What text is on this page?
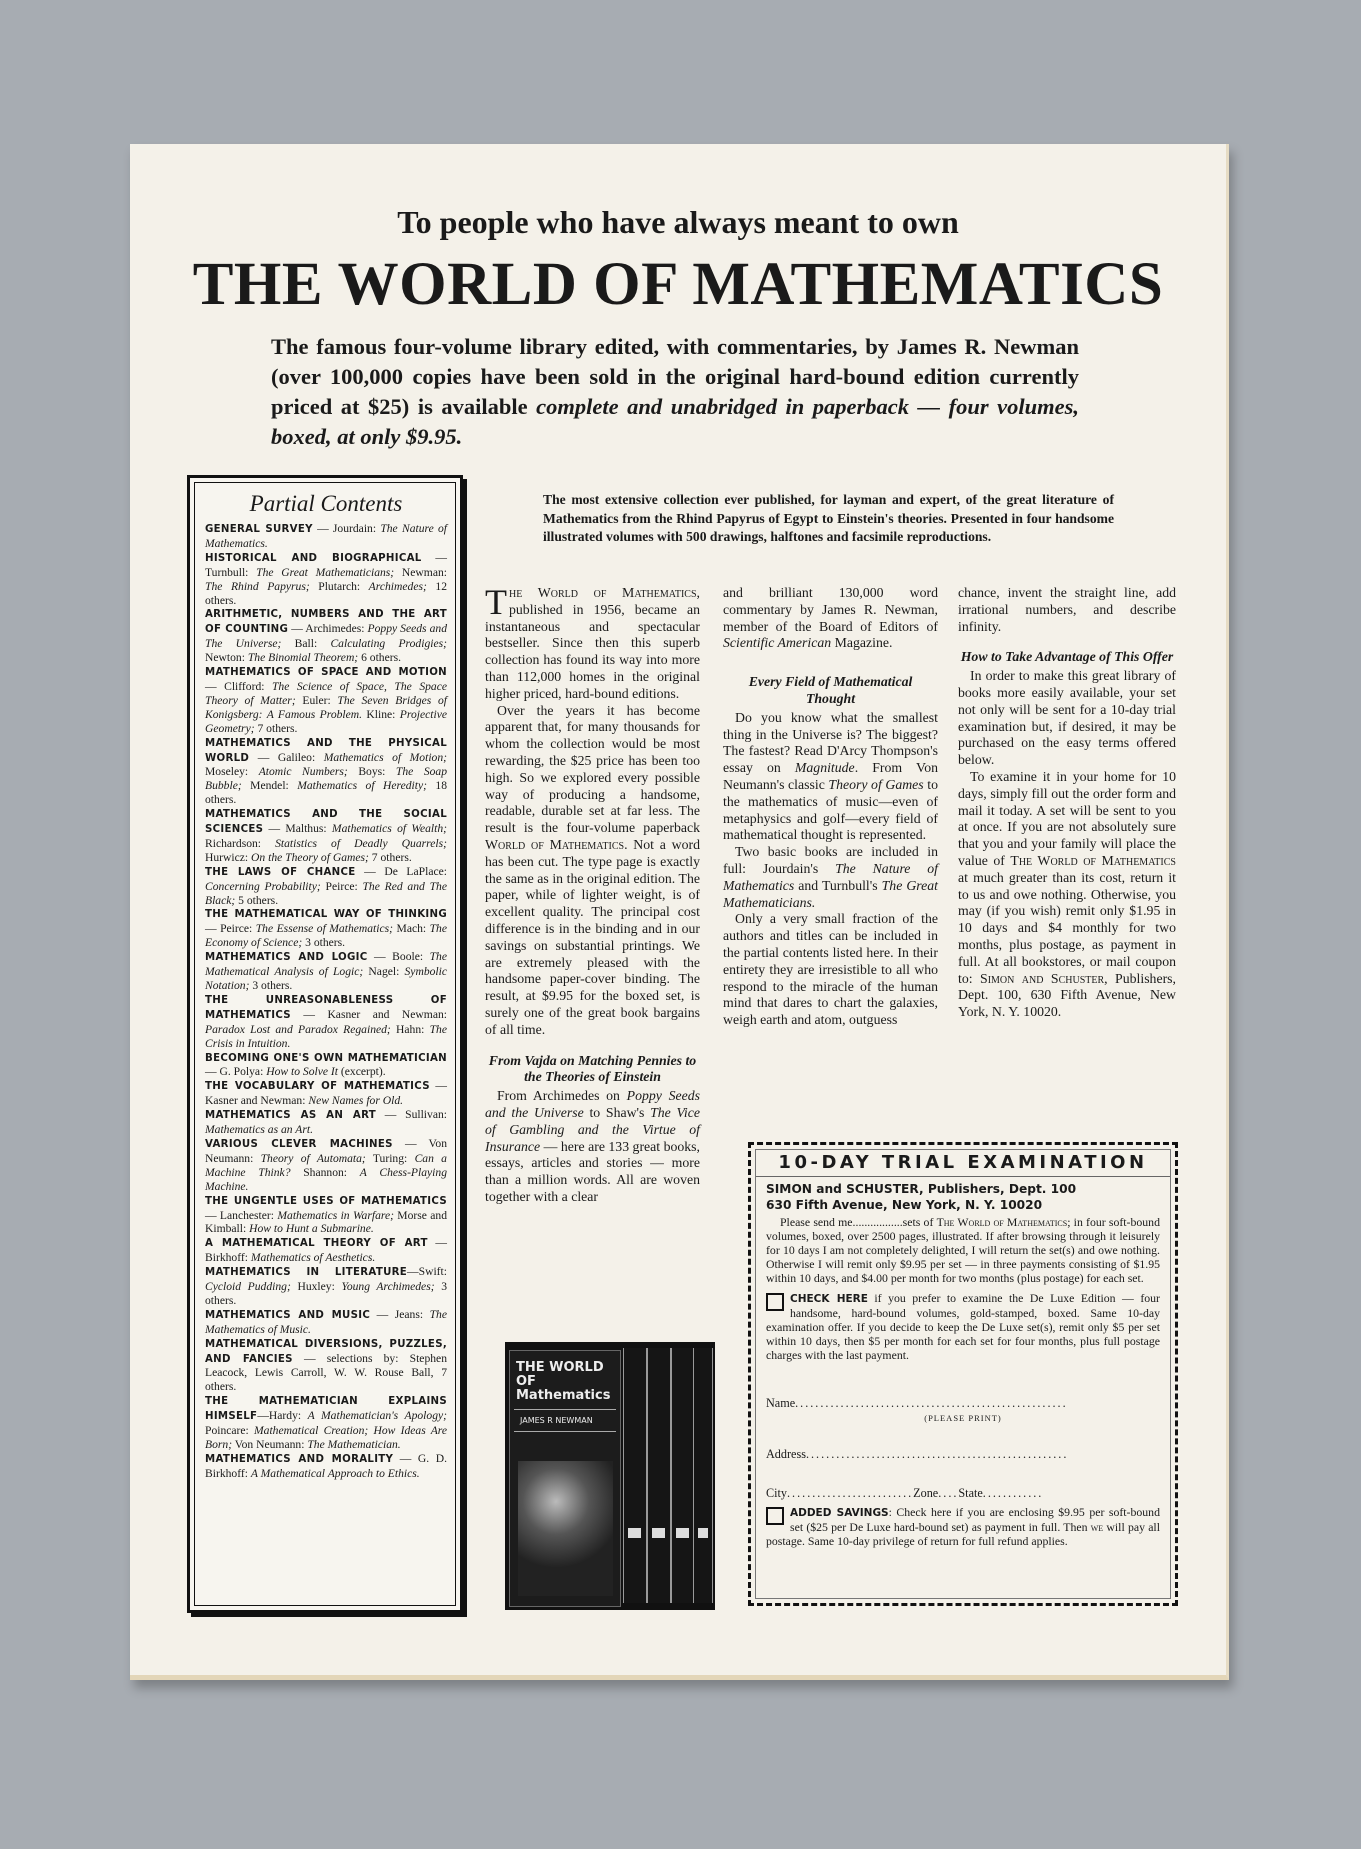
To people who have always meant to own
THE WORLD OF MATHEMATICS
The famous four-volume library edited, with commentaries, by James R. Newman (over 100,000 copies have been sold in the original hard-bound edition currently priced at $25) is available complete and unabridged in paperback — four volumes, boxed, at only $9.95.
Partial Contents

GENERAL SURVEY — Jourdain: The Nature of Mathematics.

HISTORICAL AND BIOGRAPHICAL — Turnbull: The Great Mathematicians; Newman: The Rhind Papyrus; Plutarch: Archimedes; 12 others.

ARITHMETIC, NUMBERS AND THE ART OF COUNTING — Archimedes: Poppy Seeds and The Universe; Ball: Calculating Prodigies; Newton: The Binomial Theorem; 6 others.

MATHEMATICS OF SPACE AND MOTION — Clifford: The Science of Space, The Space Theory of Matter; Euler: The Seven Bridges of Konigsberg: A Famous Problem. Kline: Projective Geometry; 7 others.

MATHEMATICS AND THE PHYSICAL WORLD — Galileo: Mathematics of Motion; Moseley: Atomic Numbers; Boys: The Soap Bubble; Mendel: Mathematics of Heredity; 18 others.

MATHEMATICS AND THE SOCIAL SCIENCES — Malthus: Mathematics of Wealth; Richardson: Statistics of Deadly Quarrels; Hurwicz: On the Theory of Games; 7 others.

THE LAWS OF CHANCE — De LaPlace: Concerning Probability; Peirce: The Red and The Black; 5 others.

THE MATHEMATICAL WAY OF THINKING — Peirce: The Essense of Mathematics; Mach: The Economy of Science; 3 others.

MATHEMATICS AND LOGIC — Boole: The Mathematical Analysis of Logic; Nagel: Symbolic Notation; 3 others.

THE UNREASONABLENESS OF MATHEMATICS — Kasner and Newman: Paradox Lost and Paradox Regained; Hahn: The Crisis in Intuition.

BECOMING ONE'S OWN MATHEMATICIAN — G. Polya: How to Solve It (excerpt).

THE VOCABULARY OF MATHEMATICS —Kasner and Newman: New Names for Old.

MATHEMATICS AS AN ART — Sullivan: Mathematics as an Art.

VARIOUS CLEVER MACHINES — Von Neumann: Theory of Automata; Turing: Can a Machine Think? Shannon: A Chess-Playing Machine.

THE UNGENTLE USES OF MATHEMATICS — Lanchester: Mathematics in Warfare; Morse and Kimball: How to Hunt a Submarine.

A MATHEMATICAL THEORY OF ART — Birkhoff: Mathematics of Aesthetics.

MATHEMATICS IN LITERATURE—Swift: Cycloid Pudding; Huxley: Young Archimedes; 3 others.

MATHEMATICS AND MUSIC — Jeans: The Mathematics of Music.

MATHEMATICAL DIVERSIONS, PUZZLES, AND FANCIES — selections by: Stephen Leacock, Lewis Carroll, W. W. Rouse Ball, 7 others.

THE MATHEMATICIAN EXPLAINS HIMSELF—Hardy: A Mathematician's Apology; Poincare: Mathematical Creation; How Ideas Are Born; Von Neumann: The Mathematician.

MATHEMATICS AND MORALITY — G. D. Birkhoff: A Mathematical Approach to Ethics.

The most extensive collection ever published, for layman and expert, of the great literature of Mathematics from the Rhind Papyrus of Egypt to Einstein's theories. Presented in four handsome illustrated volumes with 500 drawings, halftones and facsimile reproductions.

The World of Mathematics, published in 1956, became an instantaneous and spectacular bestseller. Since then this superb collection has found its way into more than 112,000 homes in the original higher priced, hard-bound editions.

Over the years it has become apparent that, for many thousands for whom the collection would be most rewarding, the $25 price has been too high. So we explored every possible way of producing a handsome, readable, durable set at far less. The result is the four-volume paperback World of Mathematics. Not a word has been cut. The type page is exactly the same as in the original edition. The paper, while of lighter weight, is of excellent quality. The principal cost difference is in the binding and in our savings on substantial printings. We are extremely pleased with the handsome paper-cover binding. The result, at $9.95 for the boxed set, is surely one of the great book bargains of all time.

From Vajda on Matching Pennies to the Theories of Einstein

From Archimedes on Poppy Seeds and the Universe to Shaw's The Vice of Gambling and the Virtue of Insurance — here are 133 great books, essays, articles and stories — more than a million words. All are woven together with a clear

and brilliant 130,000 word commentary by James R. Newman, member of the Board of Editors of Scientific American Magazine.

Every Field of Mathematical Thought

Do you know what the smallest thing in the Universe is? The biggest? The fastest? Read D'Arcy Thompson's essay on Magnitude. From Von Neumann's classic Theory of Games to the mathematics of music—even of metaphysics and golf—every field of mathematical thought is represented.

Two basic books are included in full: Jourdain's The Nature of Mathematics and Turnbull's The Great Mathematicians.

Only a very small fraction of the authors and titles can be included in the partial contents listed here. In their entirety they are irresistible to all who respond to the miracle of the human mind that dares to chart the galaxies, weigh earth and atom, outguess

chance, invent the straight line, add irrational numbers, and describe infinity.

How to Take Advantage of This Offer

In order to make this great library of books more easily available, your set not only will be sent for a 10-day trial examination but, if desired, it may be purchased on the easy terms offered below.

To examine it in your home for 10 days, simply fill out the order form and mail it today. A set will be sent to you at once. If you are not absolutely sure that you and your family will place the value of The World of Mathematics at much greater than its cost, return it to us and owe nothing. Otherwise, you may (if you wish) remit only $1.95 in 10 days and $4 monthly for two months, plus postage, as payment in full. At all bookstores, or mail coupon to: Simon and Schuster, Publishers, Dept. 100, 630 Fifth Avenue, New York, N. Y. 10020.

THE WORLD OF Mathematics
JAMES R NEWMAN
10-DAY TRIAL EXAMINATION
SIMON and SCHUSTER, Publishers, Dept. 100
630 Fifth Avenue, New York, N. Y. 10020

Please send me.................sets of The World of Mathematics; in four soft-bound volumes, boxed, over 2500 pages, illustrated. If after browsing through it leisurely for 10 days I am not completely delighted, I will return the set(s) and owe nothing. Otherwise I will remit only $9.95 per set — in three payments consisting of $1.95 within 10 days, and $4.00 per month for two months (plus postage) for each set.

CHECK HERE if you prefer to examine the De Luxe Edition — four handsome, hard-bound volumes, gold-stamped, boxed. Same 10-day examination offer. If you decide to keep the De Luxe set(s), remit only $5 per set within 10 days, then $5 per month for each set for four months, plus full postage charges with the last payment.

Name......................................................
(PLEASE PRINT)
Address....................................................
City.........................Zone....State............

ADDED SAVINGS: Check here if you are enclosing $9.95 per soft-bound set ($25 per De Luxe hard-bound set) as payment in full. Then we will pay all postage. Same 10-day privilege of return for full refund applies.
